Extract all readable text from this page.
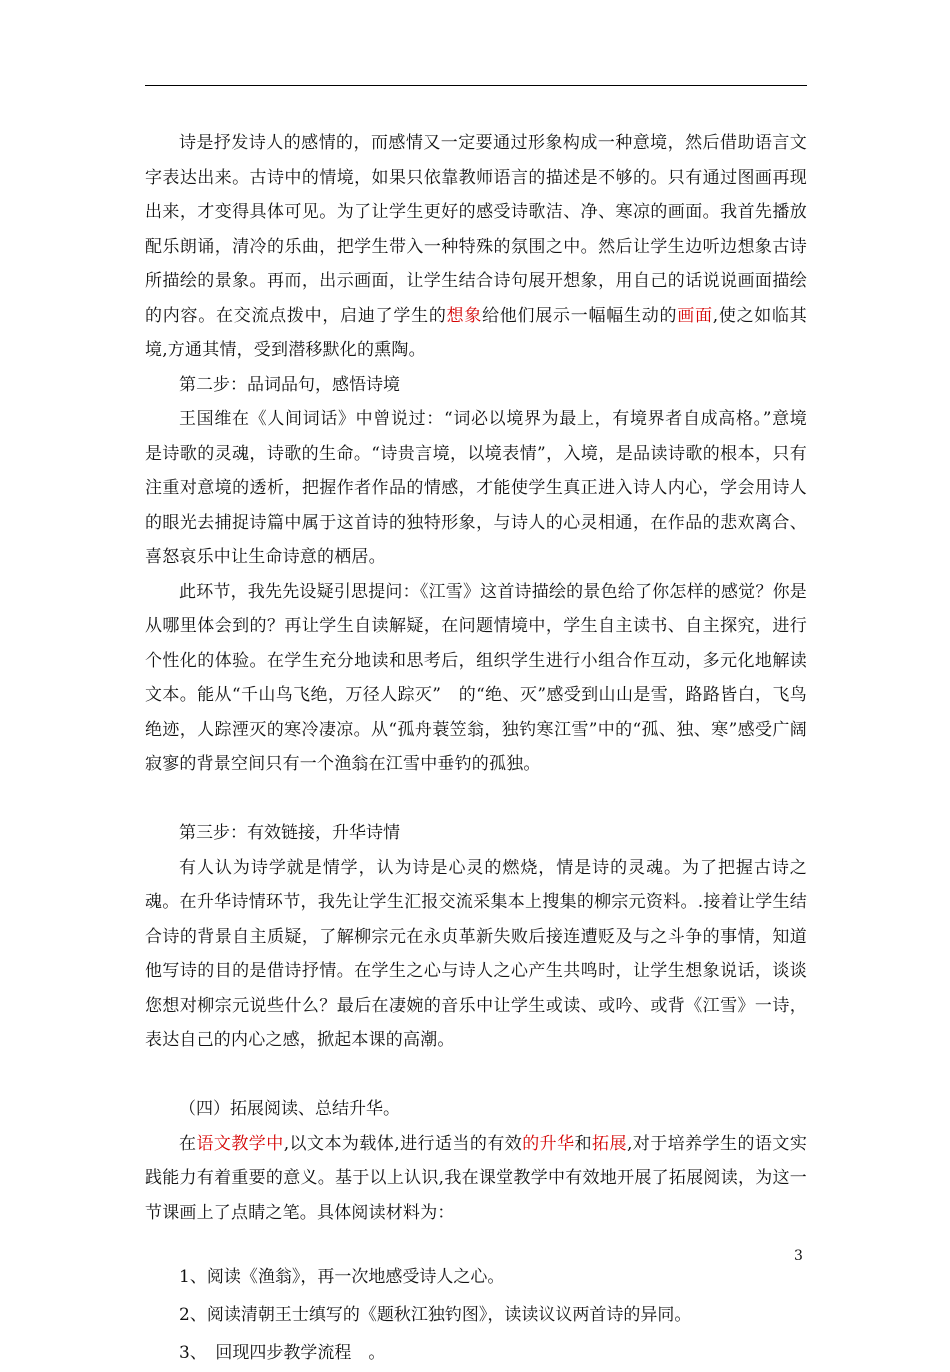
诗是抒发诗人的感情的，而感情又一定要通过形象构成一种意境，然后借助语言文字表达出来。古诗中的情境，如果只依靠教师语言的描述是不够的。只有通过图画再现出来，才变得具体可见。为了让学生更好的感受诗歌洁、净、寒凉的画面。我首先播放配乐朗诵，清冷的乐曲，把学生带入一种特殊的氛围之中。然后让学生边听边想象古诗所描绘的景象。再而，出示画面，让学生结合诗句展开想象，用自己的话说说画面描绘的内容。在交流点拨中，启迪了学生的想象给他们展示一幅幅生动的画面,使之如临其境,方通其情，受到潜移默化的熏陶。

第二步：品词品句，感悟诗境

王国维在《人间词话》中曾说过：“词必以境界为最上，有境界者自成高格。”意境是诗歌的灵魂，诗歌的生命。“诗贵言境，以境表情”，入境，是品读诗歌的根本，只有注重对意境的透析，把握作者作品的情感，才能使学生真正进入诗人内心，学会用诗人的眼光去捕捉诗篇中属于这首诗的独特形象，与诗人的心灵相通，在作品的悲欢离合、喜怒哀乐中让生命诗意的栖居。

此环节，我先先设疑引思提问：《江雪》这首诗描绘的景色给了你怎样的感觉？你是从哪里体会到的？再让学生自读解疑，在问题情境中，学生自主读书、自主探究，进行个性化的体验。在学生充分地读和思考后，组织学生进行小组合作互动，多元化地解读文本。能从“千山鸟飞绝，万径人踪灭”　的“绝、灭”感受到山山是雪，路路皆白，飞鸟绝迹，人踪湮灭的寒冷凄凉。从“孤舟蓑笠翁，独钓寒江雪”中的“孤、独、寒”感受广阔寂寥的背景空间只有一个渔翁在江雪中垂钓的孤独。

第三步：有效链接，升华诗情

有人认为诗学就是情学，认为诗是心灵的燃烧，情是诗的灵魂。为了把握古诗之魂。在升华诗情环节，我先让学生汇报交流采集本上搜集的柳宗元资料。.接着让学生结合诗的背景自主质疑，了解柳宗元在永贞革新失败后接连遭贬及与之斗争的事情，知道他写诗的目的是借诗抒情。在学生之心与诗人之心产生共鸣时，让学生想象说话，谈谈您想对柳宗元说些什么？最后在凄婉的音乐中让学生或读、或吟、或背《江雪》一诗，表达自己的内心之感，掀起本课的高潮。

（四）拓展阅读、总结升华。

在语文教学中,以文本为载体,进行适当的有效的升华和拓展,对于培养学生的语文实践能力有着重要的意义。基于以上认识,我在课堂教学中有效地开展了拓展阅读，为这一节课画上了点睛之笔。具体阅读材料为：

1、阅读《渔翁》，再一次地感受诗人之心。

2、阅读清朝王士缜写的《题秋江独钓图》，读读议议两首诗的异同。

3、　回现四步教学流程　。

3
